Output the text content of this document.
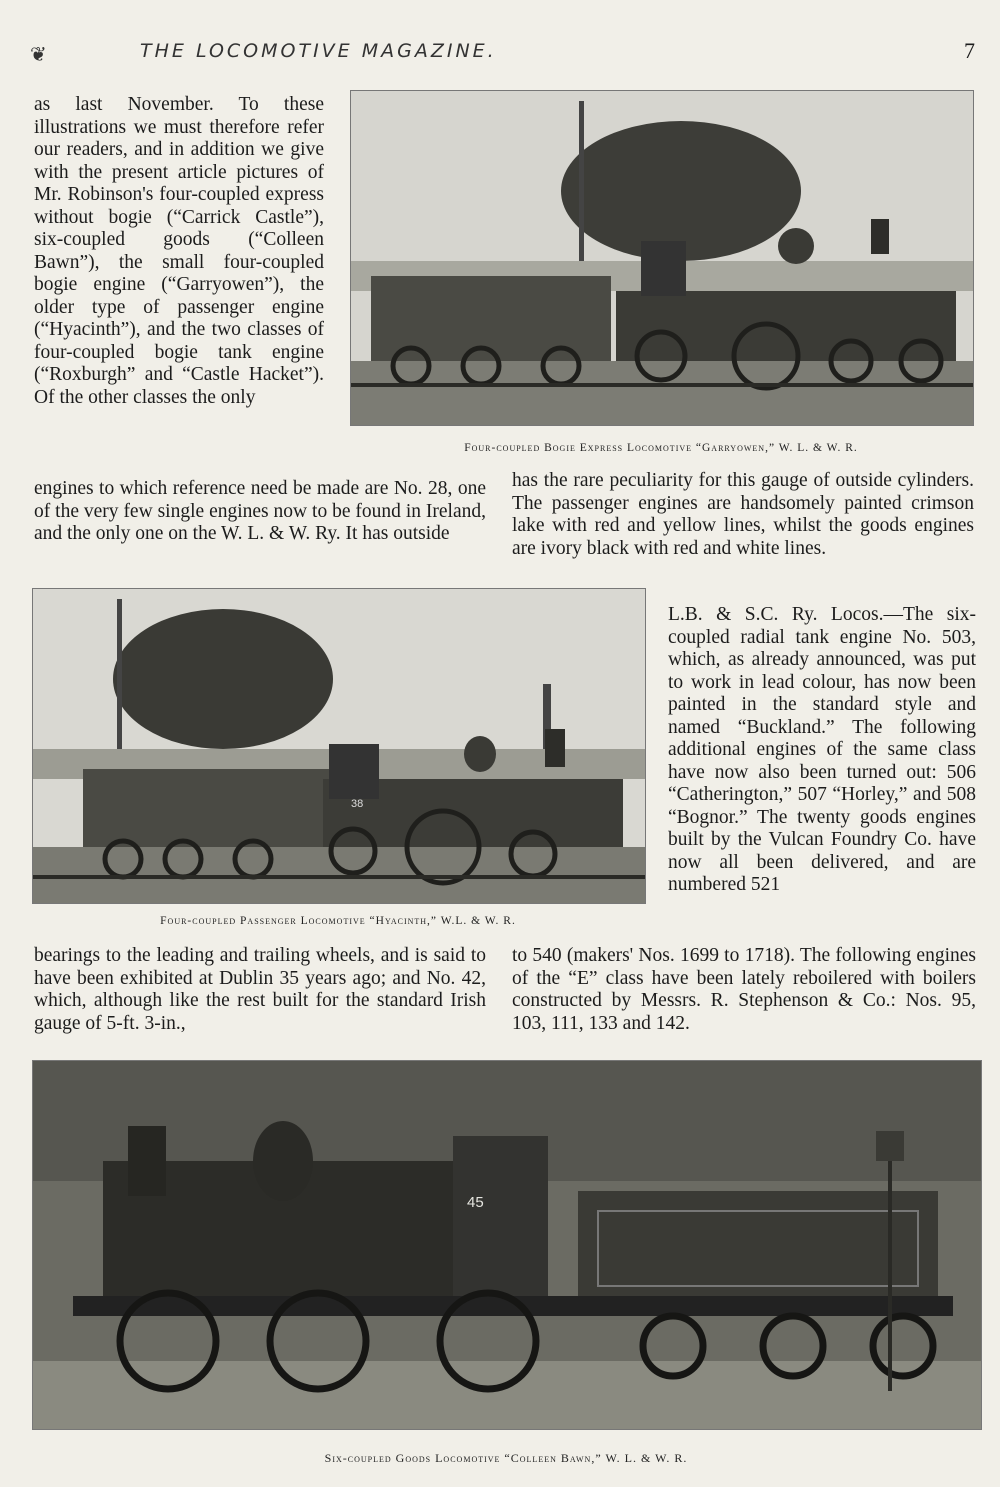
❦	THE LOCOMOTIVE MAGAZINE.	7

as last November. To these illustrations we must therefore refer our readers, and in addition we give with the present article pictures of Mr. Robinson's four-coupled express without bogie (“Carrick Castle”), six-coupled goods (“Colleen Bawn”), the small four-coupled bogie engine (“Garryowen”), the older type of passenger engine (“Hyacinth”), and the two classes of four-coupled bogie tank engine (“Roxburgh” and “Castle Hacket”). Of the other classes the only

Four-coupled Bogie Express Locomotive “Garryowen,” W. L. & W. R.

engines to which reference need be made are No. 28, one of the very few single engines now to be found in Ireland, and the only one on the W. L. & W. Ry. It has outside

has the rare peculiarity for this gauge of outside cylinders. The passenger engines are handsomely painted crimson lake with red and yellow lines, whilst the goods engines are ivory black with red and white lines.

38
Four-coupled Passenger Locomotive “Hyacinth,” W.L. & W. R.

L.B. & S.C. Ry. Locos.—The six-coupled radial tank engine No. 503, which, as already announced, was put to work in lead colour, has now been painted in the standard style and named “Buckland.” The following additional engines of the same class have now also been turned out: 506 “Catherington,” 507 “Horley,” and 508 “Bognor.” The twenty goods engines built by the Vulcan Foundry Co. have now all been delivered, and are numbered 521

bearings to the leading and trailing wheels, and is said to have been exhibited at Dublin 35 years ago; and No. 42, which, although like the rest built for the standard Irish gauge of 5-ft. 3-in.,

to 540 (makers' Nos. 1699 to 1718). The following engines of the “E” class have been lately reboilered with boilers constructed by Messrs. R. Stephenson & Co.: Nos. 95, 103, 111, 133 and 142.

45
Six-coupled Goods Locomotive “Colleen Bawn,” W. L. & W. R.
